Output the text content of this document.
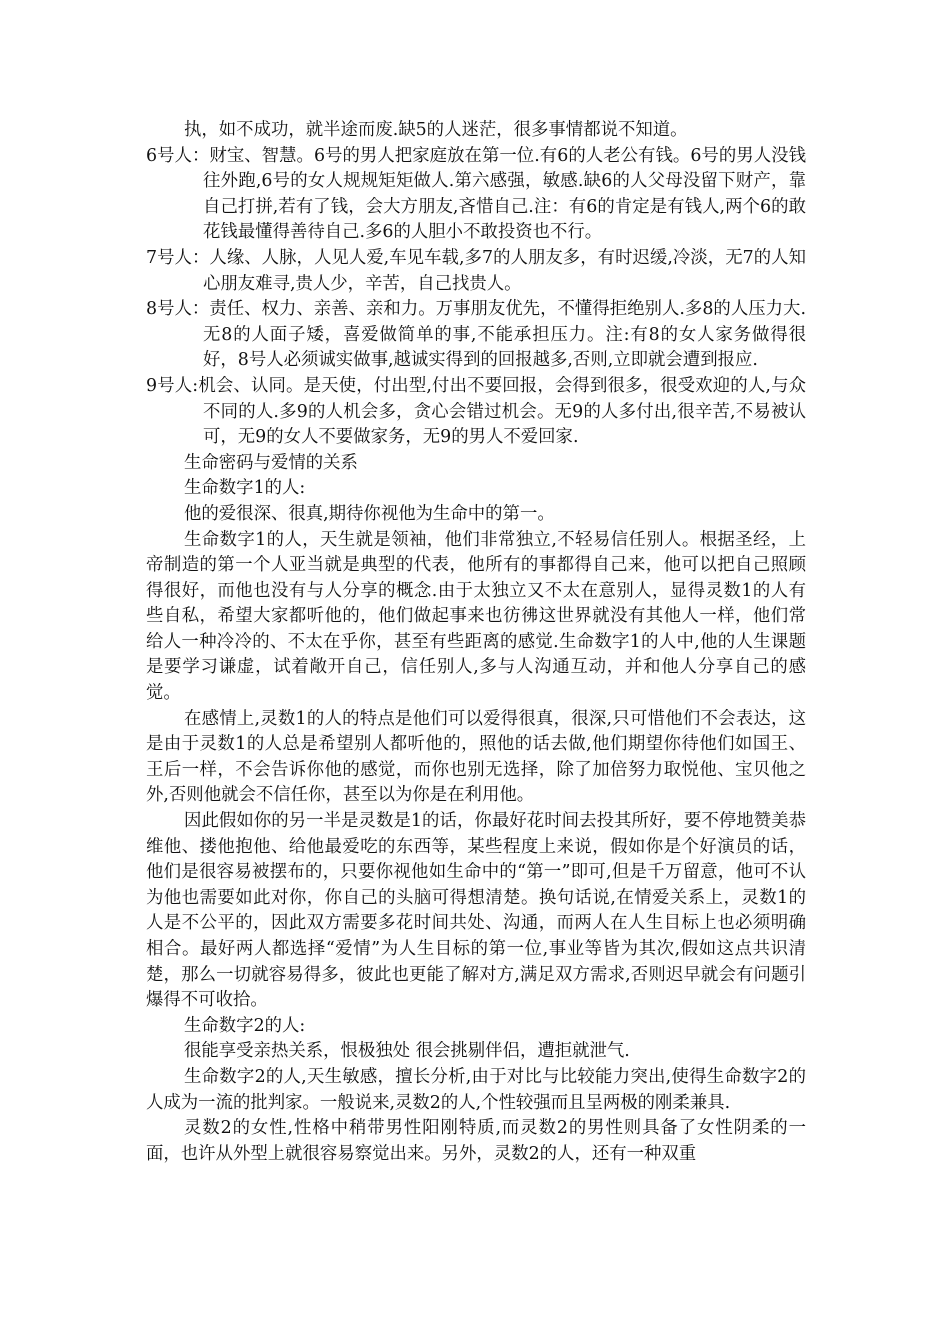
执，如不成功，就半途而废.缺5的人迷茫，很多事情都说不知道。

6号人：财宝、智慧。6号的男人把家庭放在第一位.有6的人老公有钱。6号的男人没钱往外跑,6号的女人规规矩矩做人.第六感强，敏感.缺6的人父母没留下财产，靠自己打拼,若有了钱，会大方朋友,吝惜自己.注：有6的肯定是有钱人,两个6的敢花钱最懂得善待自己.多6的人胆小不敢投资也不行。

7号人：人缘、人脉，人见人爱,车见车载,多7的人朋友多，有时迟缓,冷淡，无7的人知心朋友难寻,贵人少，辛苦，自己找贵人。

8号人：责任、权力、亲善、亲和力。万事朋友优先，不懂得拒绝别人.多8的人压力大.无8的人面子矮，喜爱做简单的事,不能承担压力。注:有8的女人家务做得很好，8号人必须诚实做事,越诚实得到的回报越多,否则,立即就会遭到报应.

9号人:机会、认同。是天使，付出型,付出不要回报，会得到很多，很受欢迎的人,与众不同的人.多9的人机会多，贪心会错过机会。无9的人多付出,很辛苦,不易被认可，无9的女人不要做家务，无9的男人不爱回家.

生命密码与爱情的关系

生命数字1的人:

他的爱很深、很真,期待你视他为生命中的第一。

生命数字1的人，天生就是领袖，他们非常独立,不轻易信任别人。根据圣经，上帝制造的第一个人亚当就是典型的代表，他所有的事都得自己来，他可以把自己照顾得很好，而他也没有与人分享的概念.由于太独立又不太在意别人，显得灵数1的人有些自私，希望大家都听他的，他们做起事来也彷彿这世界就没有其他人一样，他们常给人一种冷冷的、不太在乎你，甚至有些距离的感觉.生命数字1的人中,他的人生课题是要学习谦虚，试着敞开自己，信任别人,多与人沟通互动，并和他人分享自己的感觉。

在感情上,灵数1的人的特点是他们可以爱得很真，很深,只可惜他们不会表达，这是由于灵数1的人总是希望别人都听他的，照他的话去做,他们期望你待他们如国王、王后一样，不会告诉你他的感觉，而你也别无选择，除了加倍努力取悦他、宝贝他之外,否则他就会不信任你，甚至以为你是在利用他。

因此假如你的另一半是灵数是1的话，你最好花时间去投其所好，要不停地赞美恭维他、搂他抱他、给他最爱吃的东西等，某些程度上来说，假如你是个好演员的话，他们是很容易被摆布的，只要你视他如生命中的“第一”即可,但是千万留意，他可不认为他也需要如此对你，你自己的头脑可得想清楚。换句话说,在情爱关系上，灵数1的人是不公平的，因此双方需要多花时间共处、沟通，而两人在人生目标上也必须明确相合。最好两人都选择“爱情”为人生目标的第一位,事业等皆为其次,假如这点共识清楚，那么一切就容易得多，彼此也更能了解对方,满足双方需求,否则迟早就会有问题引爆得不可收拾。

生命数字2的人:

很能享受亲热关系，恨极独处 很会挑剔伴侣，遭拒就泄气.

生命数字2的人,天生敏感，擅长分析,由于对比与比较能力突出,使得生命数字2的人成为一流的批判家。一般说来,灵数2的人,个性较强而且呈两极的刚柔兼具.

灵数2的女性,性格中稍带男性阳刚特质,而灵数2的男性则具备了女性阴柔的一面，也许从外型上就很容易察觉出来。另外，灵数2的人，还有一种双重
